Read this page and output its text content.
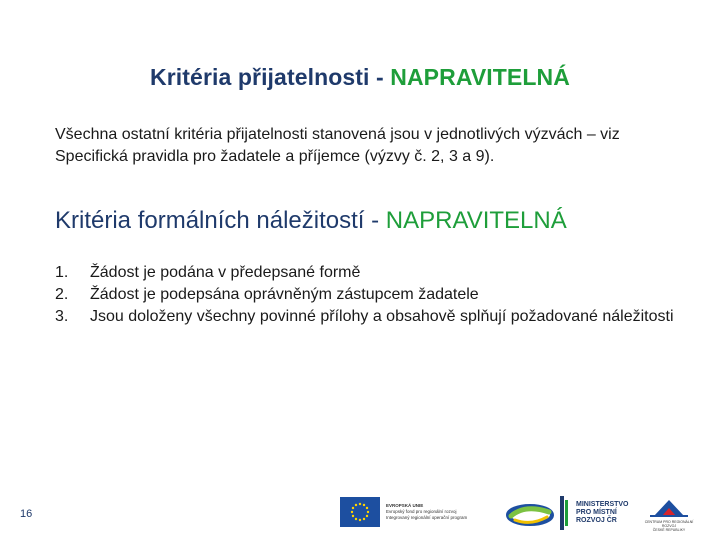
Kritéria přijatelnosti - NAPRAVITELNÁ
Všechna ostatní kritéria přijatelnosti stanovená jsou v jednotlivých výzvách – viz Specifická pravidla pro žadatele a příjemce (výzvy č. 2, 3 a 9).
Kritéria formálních náležitostí - NAPRAVITELNÁ
1.	Žádost je podána v předepsané formě
2.	Žádost je podepsána oprávněným zástupcem žadatele
3.	Jsou doloženy všechny povinné přílohy a obsahově splňují požadované náležitosti
16
EVROPSKÁ UNIE
Evropský fond pro regionální rozvoj
Integrovaný regionální operační program
MINISTERSTVO
PRO MÍSTNÍ
ROZVOJ ČR	CENTRUM PRO REGIONÁLNÍ ROZVOJ
ČESKÉ REPUBLIKY
